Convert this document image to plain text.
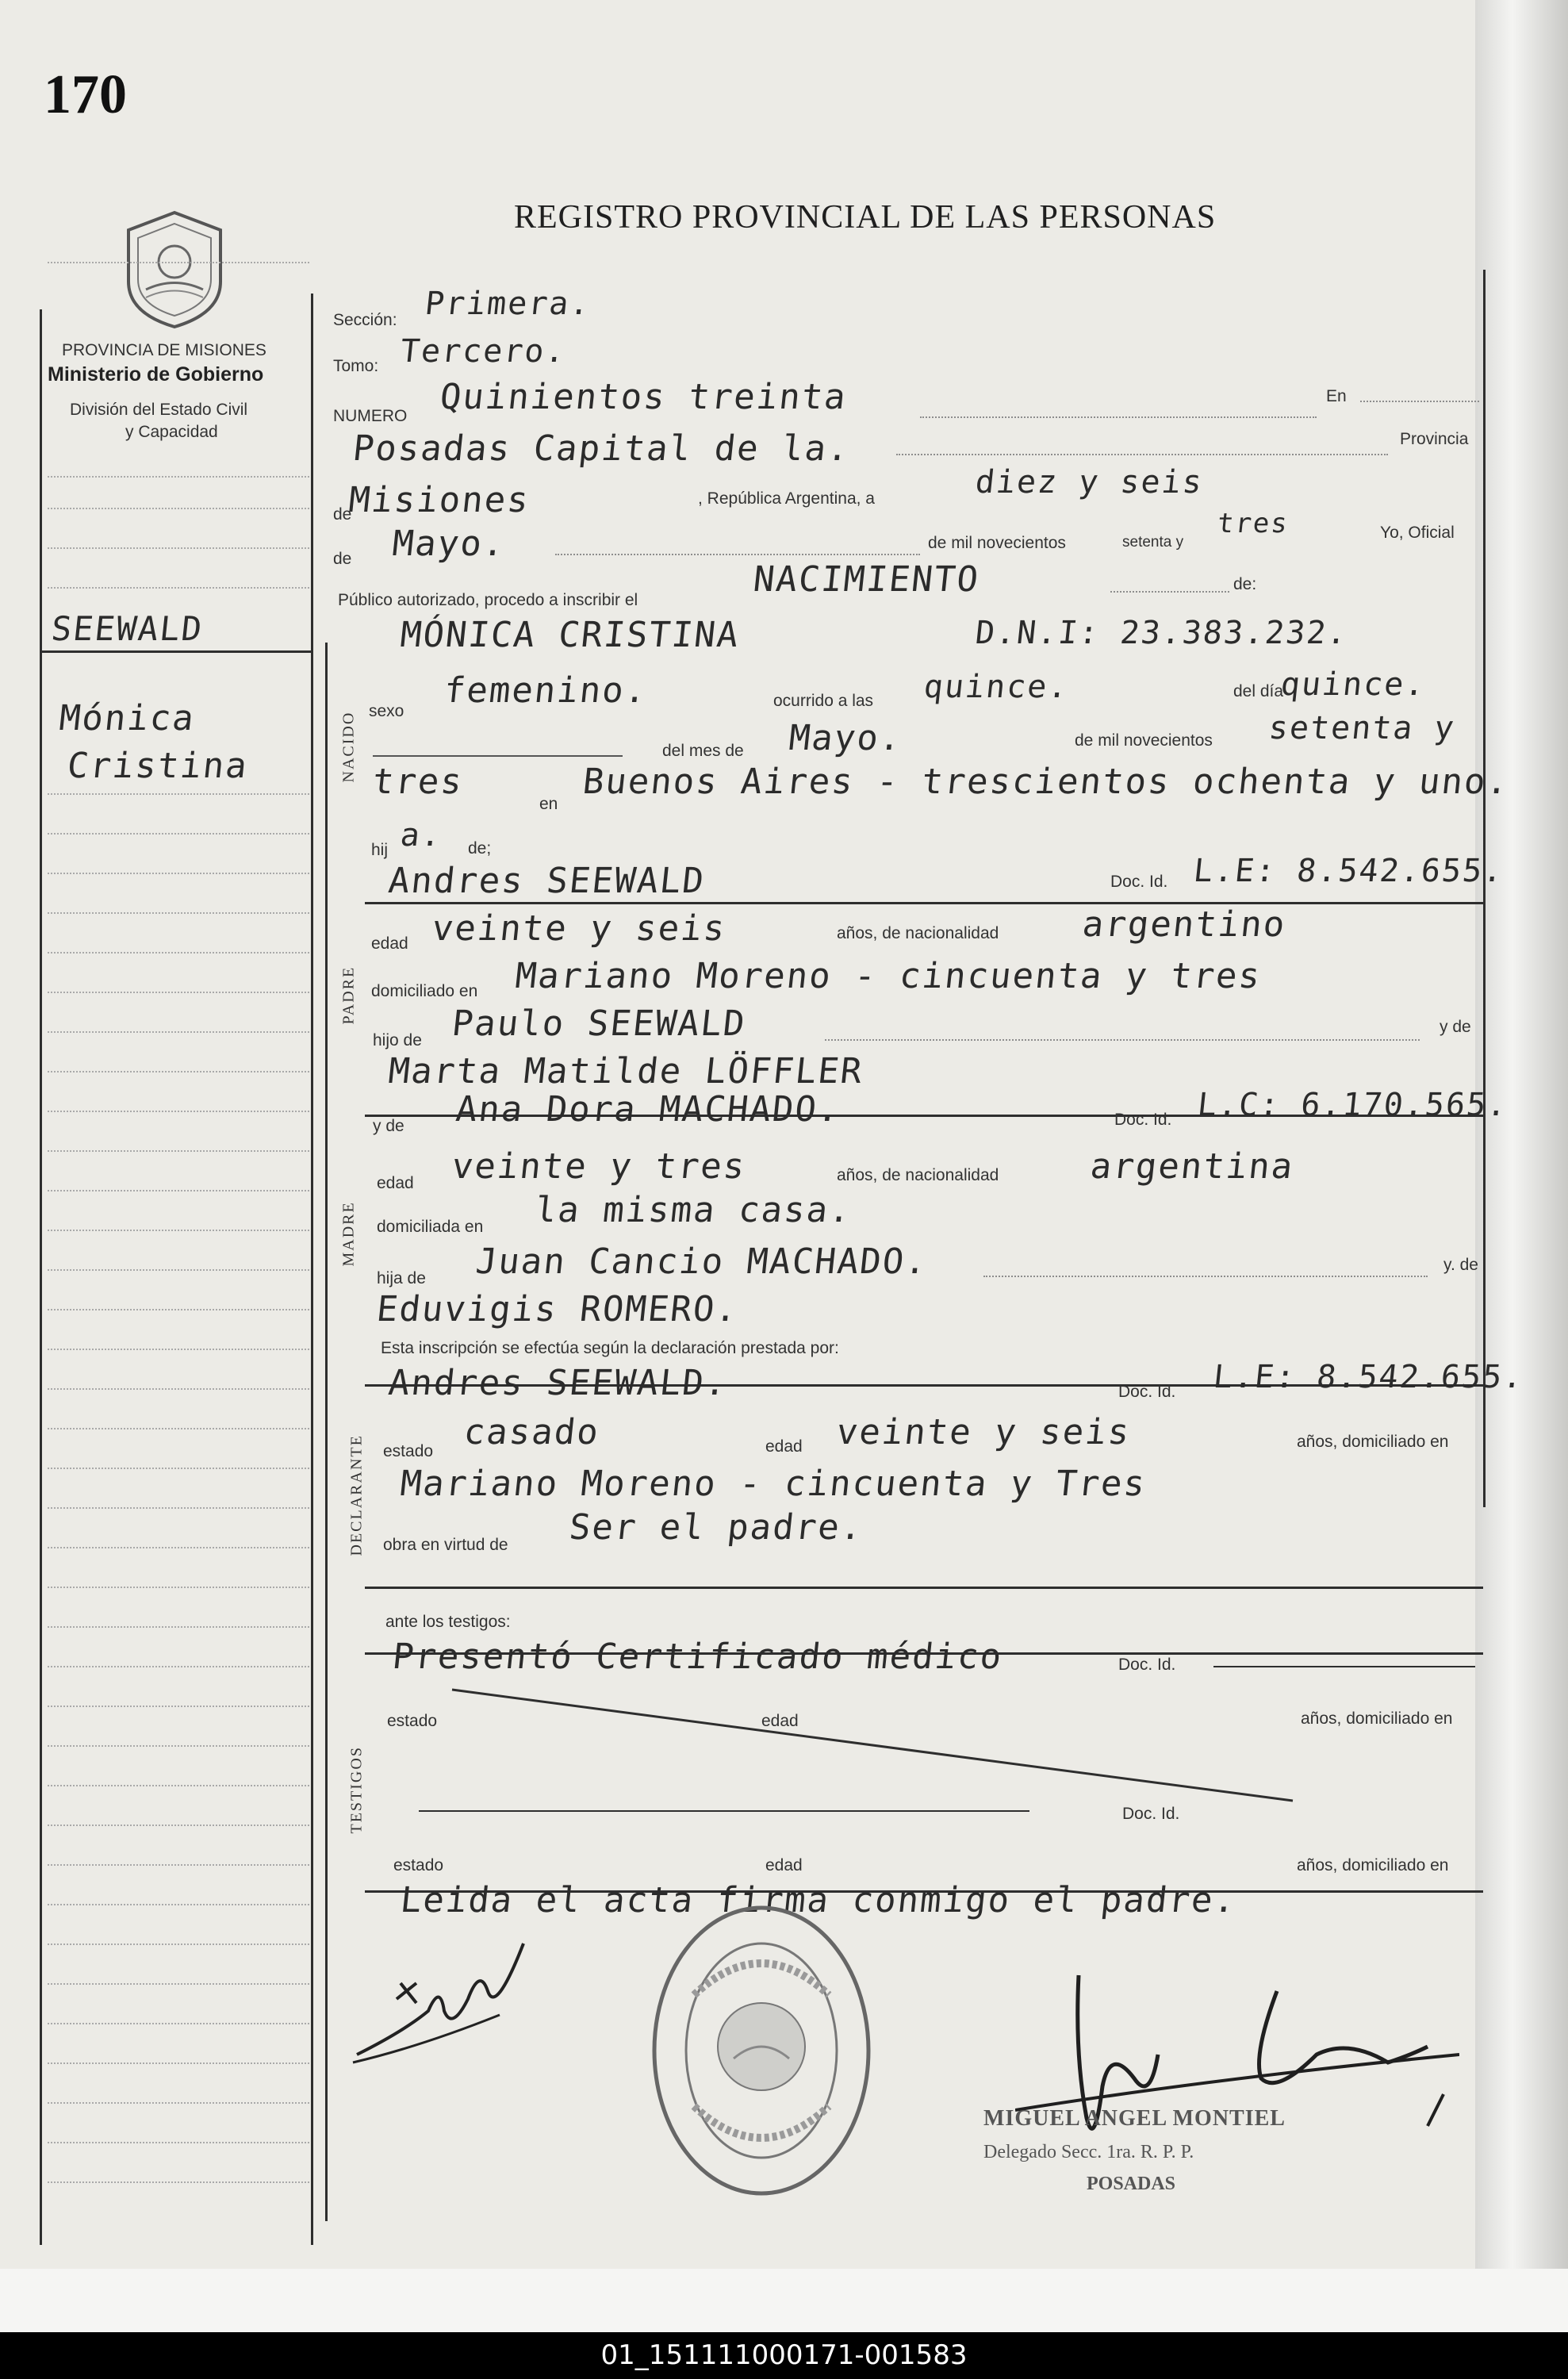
01_151111000171-001583
170
REGISTRO PROVINCIAL DE LAS PERSONAS
PROVINCIA DE MISIONES
Ministerio de Gobierno
División del Estado Civil
y Capacidad
SEEWALD
Mónica
Cristina
Sección: Primera.
Tomo: Tercero.
NUMERO Quinientos treinta	En
Posadas Capital de la.	Provincia
de
Misiones	, República Argentina, a	diez y seis
de Mayo.	de mil novecientos	setenta y
tres	Yo, Oficial
Público autorizado, procedo a inscribir el
NACIMIENTO	de:
MÓNICA CRISTINA	D.N.I: 23.383.232.
NACIDO
sexo
femenino.	ocurrido a las quince.	del día
quince.
del mes de Mayo.	de mil novecientos setenta y
tres
en
Buenos Aires - trescientos ochenta y uno.
hij a. de;
Andres SEEWALD	Doc. Id. L.E: 8.542.655.
PADRE
edad veinte y seis	años, de nacionalidad argentino
domiciliado en Mariano Moreno - cincuenta y tres
hijo de Paulo SEEWALD	y de
Marta Matilde LÖFFLER
y de Ana Dora MACHADO.	Doc. Id. L.C: 6.170.565.
MADRE
edad veinte y tres	años, de nacionalidad	argentina
domiciliada en la misma casa.
hija de Juan Cancio MACHADO.	y. de
Eduvigis ROMERO.
Esta inscripción se efectúa según la declaración prestada por:
Andres SEEWALD.	Doc. Id. L.E: 8.542.655.
DECLARANTE estado casado	edad veinte y seis	años, domiciliado en
Mariano Moreno - cincuenta y Tres
obra en virtud de Ser el padre.
ante los testigos:
Presentó Certificado médico	Doc. Id.
TESTIGOS
estado	edad	años, domiciliado en
Doc. Id.
estado	edad	años, domiciliado en
Leida el acta firma conmigo el padre.
MIGUEL ANGEL MONTIEL
Delegado Secc. 1ra. R. P. P.
POSADAS
